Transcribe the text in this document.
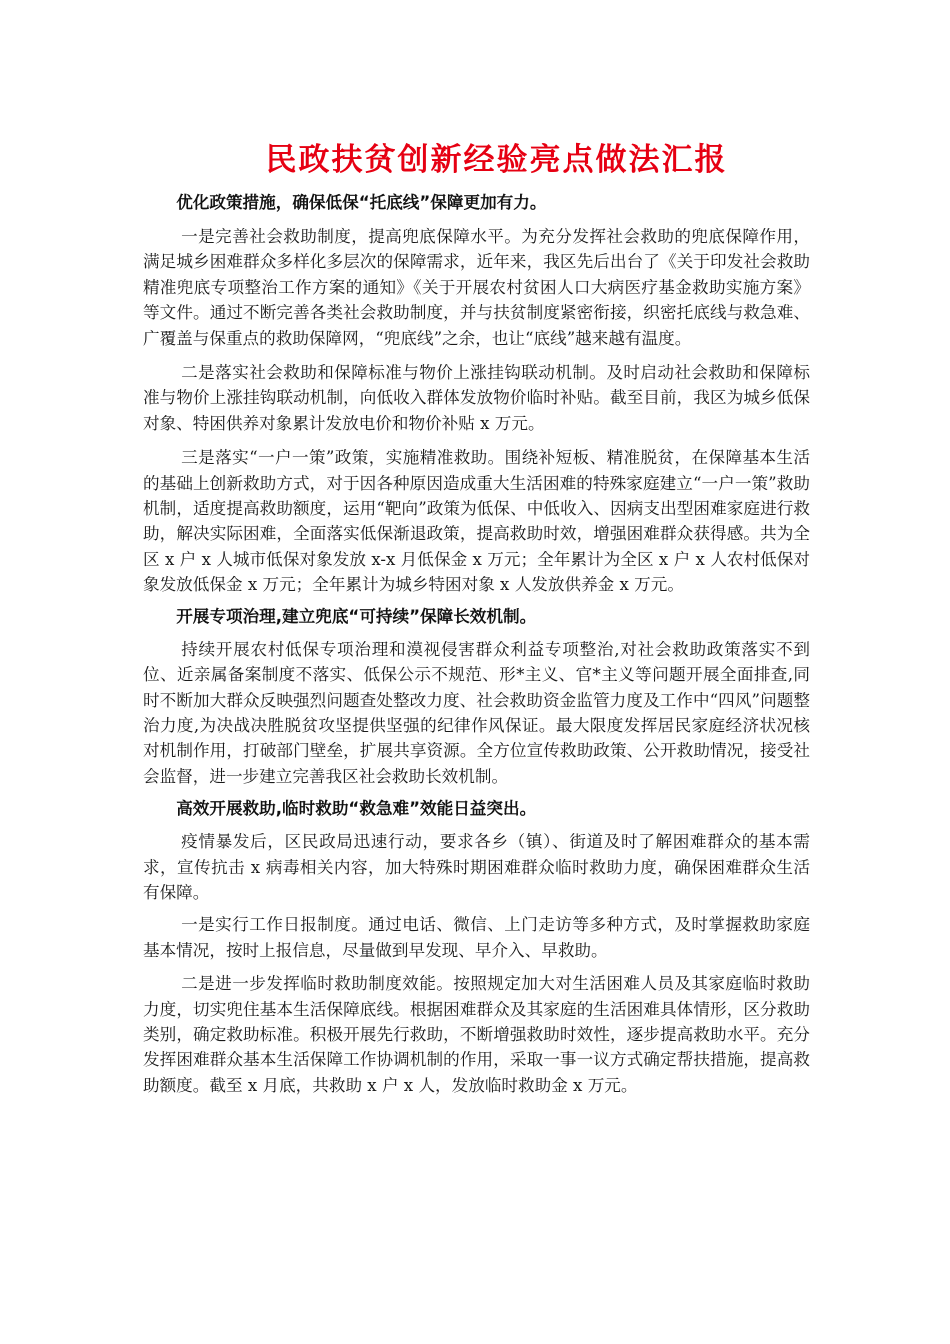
民政扶贫创新经验亮点做法汇报

优化政策措施，确保低保“托底线”保障更加有力。

一是完善社会救助制度，提高兜底保障水平。为充分发挥社会救助的兜底保障作用，满足城乡困难群众多样化多层次的保障需求，近年来，我区先后出台了《关于印发社会救助精准兜底专项整治工作方案的通知》《关于开展农村贫困人口大病医疗基金救助实施方案》等文件。通过不断完善各类社会救助制度，并与扶贫制度紧密衔接，织密托底线与救急难、广覆盖与保重点的救助保障网，“兜底线”之余，也让“底线”越来越有温度。

二是落实社会救助和保障标准与物价上涨挂钩联动机制。及时启动社会救助和保障标准与物价上涨挂钩联动机制，向低收入群体发放物价临时补贴。截至目前，我区为城乡低保对象、特困供养对象累计发放电价和物价补贴 x 万元。

三是落实“一户一策”政策，实施精准救助。围绕补短板、精准脱贫，在保障基本生活的基础上创新救助方式，对于因各种原因造成重大生活困难的特殊家庭建立“一户一策”救助机制，适度提高救助额度，运用“靶向”政策为低保、中低收入、因病支出型困难家庭进行救助，解决实际困难，全面落实低保渐退政策，提高救助时效，增强困难群众获得感。共为全区 x 户 x 人城市低保对象发放 x-x 月低保金 x 万元；全年累计为全区 x 户 x 人农村低保对象发放低保金 x 万元；全年累计为城乡特困对象 x 人发放供养金 x 万元。

开展专项治理,建立兜底“可持续”保障长效机制。

持续开展农村低保专项治理和漠视侵害群众利益专项整治,对社会救助政策落实不到位、近亲属备案制度不落实、低保公示不规范、形*主义、官*主义等问题开展全面排查,同时不断加大群众反映强烈问题查处整改力度、社会救助资金监管力度及工作中“四风”问题整治力度,为决战决胜脱贫攻坚提供坚强的纪律作风保证。最大限度发挥居民家庭经济状况核对机制作用，打破部门壁垒，扩展共享资源。全方位宣传救助政策、公开救助情况，接受社会监督，进一步建立完善我区社会救助长效机制。

高效开展救助,临时救助“救急难”效能日益突出。

疫情暴发后，区民政局迅速行动，要求各乡（镇）、街道及时了解困难群众的基本需求，宣传抗击 x 病毒相关内容，加大特殊时期困难群众临时救助力度，确保困难群众生活有保障。

一是实行工作日报制度。通过电话、微信、上门走访等多种方式，及时掌握救助家庭基本情况，按时上报信息，尽量做到早发现、早介入、早救助。

二是进一步发挥临时救助制度效能。按照规定加大对生活困难人员及其家庭临时救助力度，切实兜住基本生活保障底线。根据困难群众及其家庭的生活困难具体情形，区分救助类别，确定救助标准。积极开展先行救助，不断增强救助时效性，逐步提高救助水平。充分发挥困难群众基本生活保障工作协调机制的作用，采取一事一议方式确定帮扶措施，提高救助额度。截至 x 月底，共救助 x 户 x 人，发放临时救助金 x 万元。
